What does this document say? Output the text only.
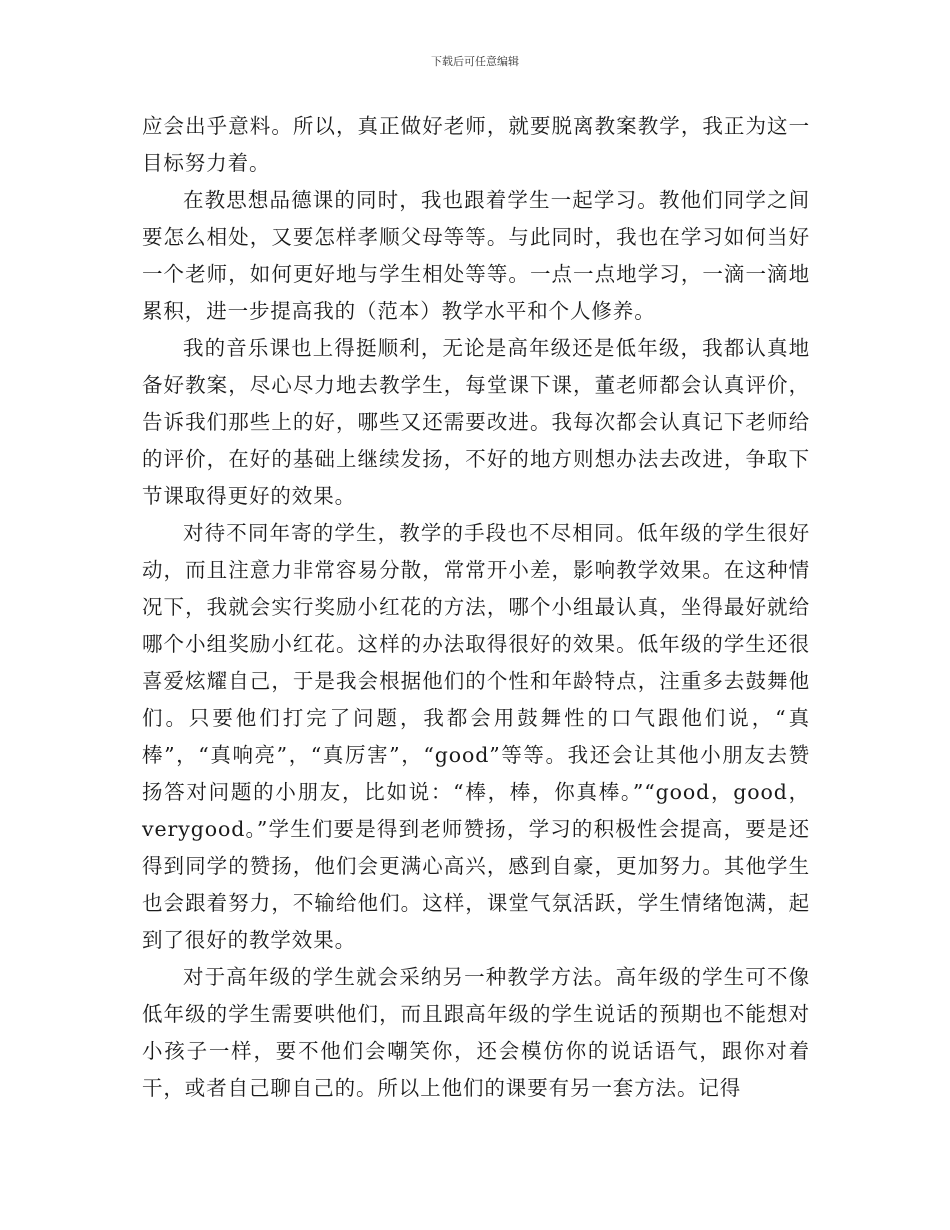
下载后可任意编辑

应会出乎意料。所以，真正做好老师，就要脱离教案教学，我正为这一目标努力着。

在教思想品德课的同时，我也跟着学生一起学习。教他们同学之间要怎么相处，又要怎样孝顺父母等等。与此同时，我也在学习如何当好一个老师，如何更好地与学生相处等等。一点一点地学习，一滴一滴地累积，进一步提高我的（范本）教学水平和个人修养。

我的音乐课也上得挺顺利，无论是高年级还是低年级，我都认真地备好教案，尽心尽力地去教学生，每堂课下课，董老师都会认真评价，告诉我们那些上的好，哪些又还需要改进。我每次都会认真记下老师给的评价，在好的基础上继续发扬，不好的地方则想办法去改进，争取下节课取得更好的效果。

对待不同年寄的学生，教学的手段也不尽相同。低年级的学生很好动，而且注意力非常容易分散，常常开小差，影响教学效果。在这种情况下，我就会实行奖励小红花的方法，哪个小组最认真，坐得最好就给哪个小组奖励小红花。这样的办法取得很好的效果。低年级的学生还很喜爱炫耀自己，于是我会根据他们的个性和年龄特点，注重多去鼓舞他们。只要他们打完了问题，我都会用鼓舞性的口气跟他们说，“真棒”，“真响亮”，“真厉害”，“good”等等。我还会让其他小朋友去赞扬答对问题的小朋友，比如说：“棒，棒，你真棒。”“good，good，verygood。”学生们要是得到老师赞扬，学习的积极性会提高，要是还得到同学的赞扬，他们会更满心高兴，感到自豪，更加努力。其他学生也会跟着努力，不输给他们。这样，课堂气氛活跃，学生情绪饱满，起到了很好的教学效果。

对于高年级的学生就会采纳另一种教学方法。高年级的学生可不像低年级的学生需要哄他们，而且跟高年级的学生说话的预期也不能想对小孩子一样，要不他们会嘲笑你，还会模仿你的说话语气，跟你对着干，或者自己聊自己的。所以上他们的课要有另一套方法。记得
